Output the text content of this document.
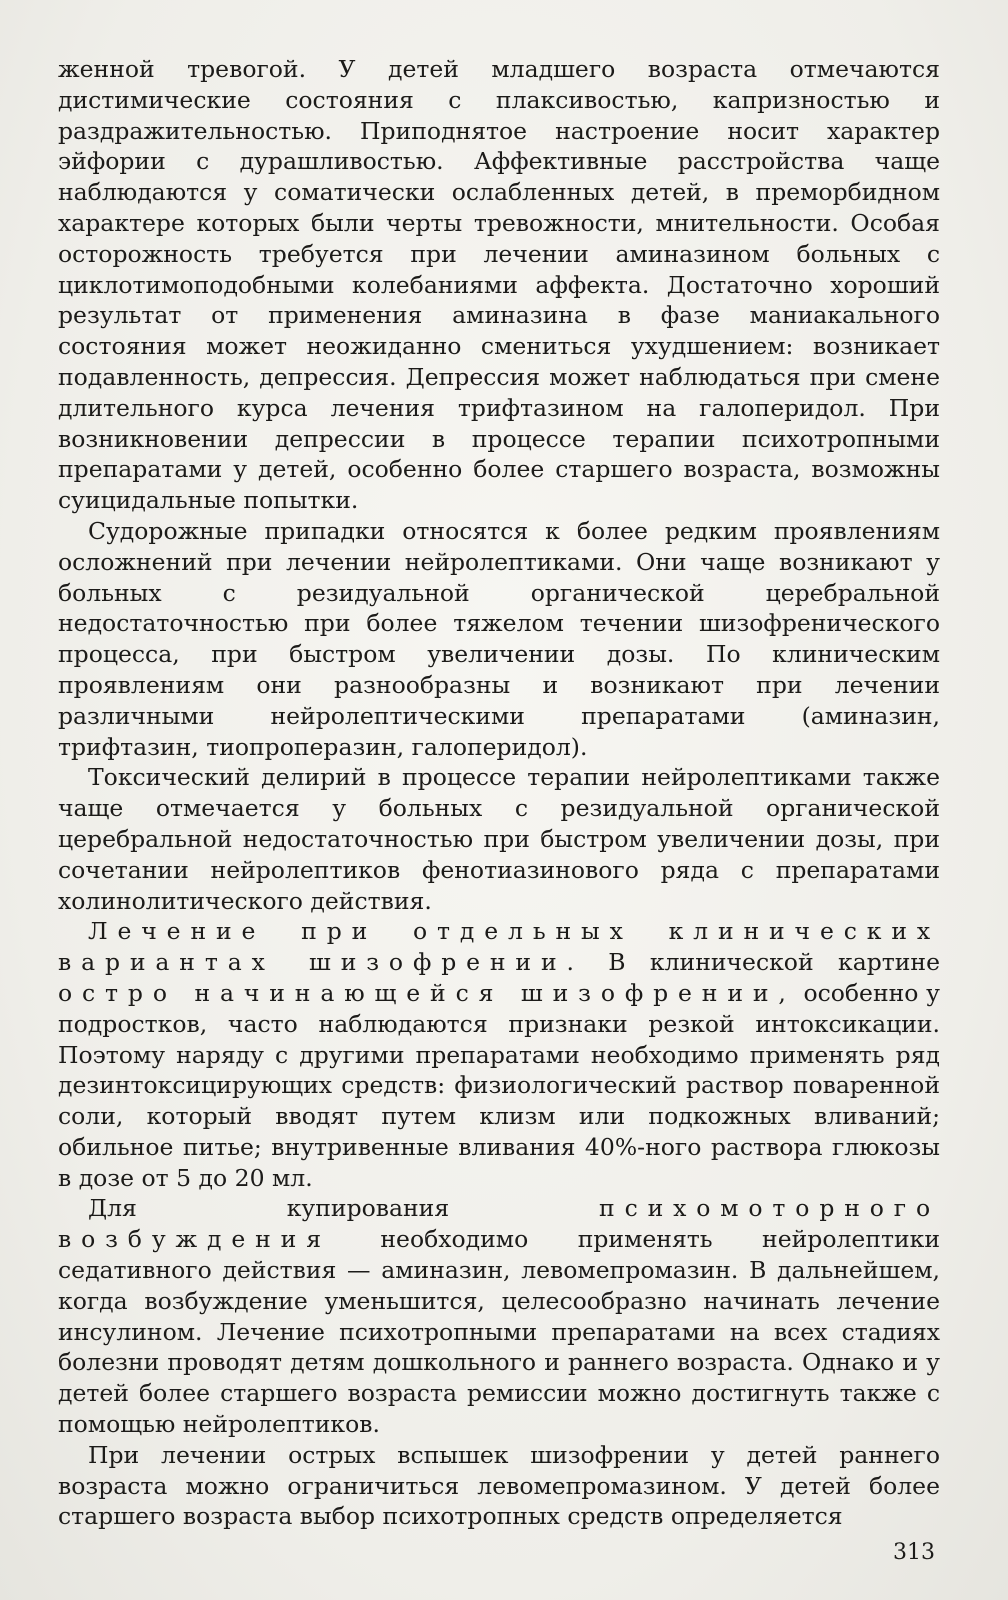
женной тревогой. У детей младшего возраста отмечаются дистимические состояния с плаксивостью, капризностью и раздражительностью. Приподнятое настроение носит характер эйфории с дурашливостью. Аффективные расстройства чаще наблюдаются у соматически ослабленных детей, в преморбидном характере которых были черты тревожности, мнительности. Особая осторожность требуется при лечении аминазином больных с циклотимоподобными колебаниями аффекта. Достаточно хороший результат от применения аминазина в фазе маниакального состояния может неожиданно смениться ухудшением: возникает подавленность, депрессия. Депрессия может наблюдаться при смене длительного курса лечения трифтазином на галоперидол. При возникновении депрессии в процессе терапии психотропными препаратами у детей, особенно более старшего возраста, возможны суицидальные попытки.

Судорожные припадки относятся к более редким проявлениям осложнений при лечении нейролептиками. Они чаще возникают у больных с резидуальной органической церебральной недостаточностью при более тяжелом течении шизофренического процесса, при быстром увеличении дозы. По клиническим проявлениям они разнообразны и возникают при лечении различными нейролептическими препаратами (аминазин, трифтазин, тиопроперазин, галоперидол).

Токсический делирий в процессе терапии нейролептиками также чаще отмечается у больных с резидуальной органической церебральной недостаточностью при быстром увеличении дозы, при сочетании нейролептиков фенотиазинового ряда с препаратами холинолитического действия.

Лечение при отдельных клинических вариантах шизофрении. В клинической картине остро начинающейся шизофрении, особенно у подростков, часто наблюдаются признаки резкой интоксикации. Поэтому наряду с другими препаратами необходимо применять ряд дезинтоксицирующих средств: физиологический раствор поваренной соли, который вводят путем клизм или подкожных вливаний; обильное питье; внутривенные вливания 40%-ного раствора глюкозы в дозе от 5 до 20 мл.

Для купирования психомоторного возбуждения необходимо применять нейролептики седативного действия — аминазин, левомепромазин. В дальнейшем, когда возбуждение уменьшится, целесообразно начинать лечение инсулином. Лечение психотропными препаратами на всех стадиях болезни проводят детям дошкольного и раннего возраста. Однако и у детей более старшего возраста ремиссии можно достигнуть также с помощью нейролептиков.

При лечении острых вспышек шизофрении у детей раннего возраста можно ограничиться левомепромазином. У детей более старшего возраста выбор психотропных средств определяется

313
